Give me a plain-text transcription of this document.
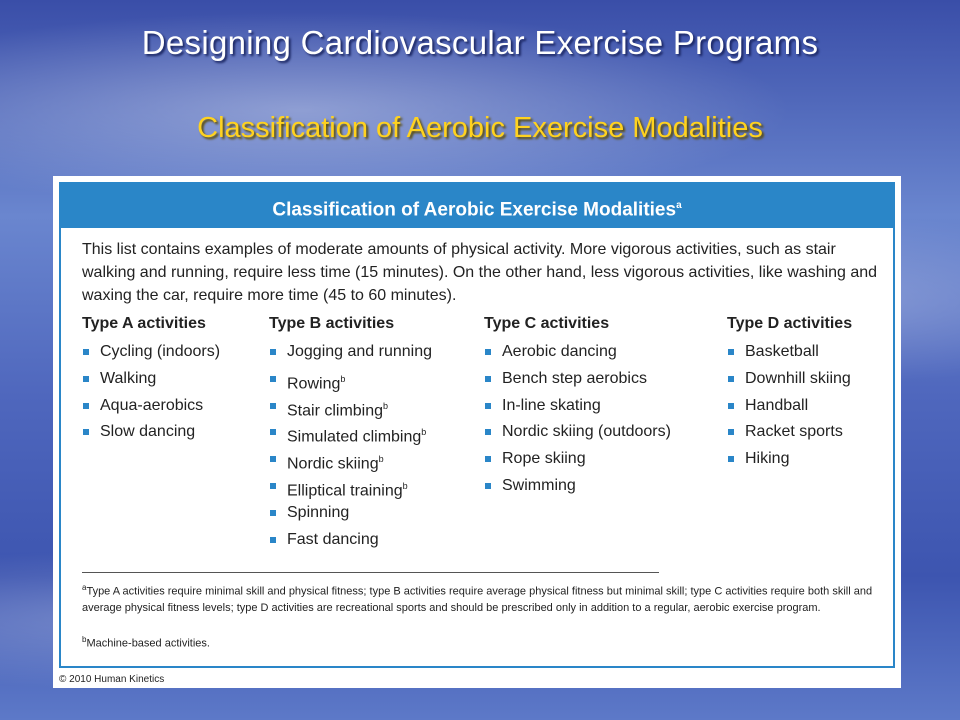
Designing Cardiovascular Exercise Programs
Classification of Aerobic Exercise Modalities
Classification of Aerobic Exercise Modalities$^a$
This list contains examples of moderate amounts of physical activity. More vigorous activities, such as stair walking and running, require less time (15 minutes). On the other hand, less vigorous activities, like washing and waxing the car, require more time (45 to 60 minutes).
Type A activities
Cycling (indoors)
Walking
Aqua-aerobics
Slow dancing
Type B activities
Jogging and running
Rowing$^b$
Stair climbing$^b$
Simulated climbing$^b$
Nordic skiing$^b$
Elliptical training$^b$
Spinning
Fast dancing
Type C activities
Aerobic dancing
Bench step aerobics
In-line skating
Nordic skiing (outdoors)
Rope skiing
Swimming
Type D activities
Basketball
Downhill skiing
Handball
Racket sports
Hiking
$^a$Type A activities require minimal skill and physical fitness; type B activities require average physical fitness but minimal skill; type C activities require both skill and average physical fitness levels; type D activities are recreational sports and should be prescribed only in addition to a regular, aerobic exercise program.
$^b$Machine-based activities.
© 2010 Human Kinetics
